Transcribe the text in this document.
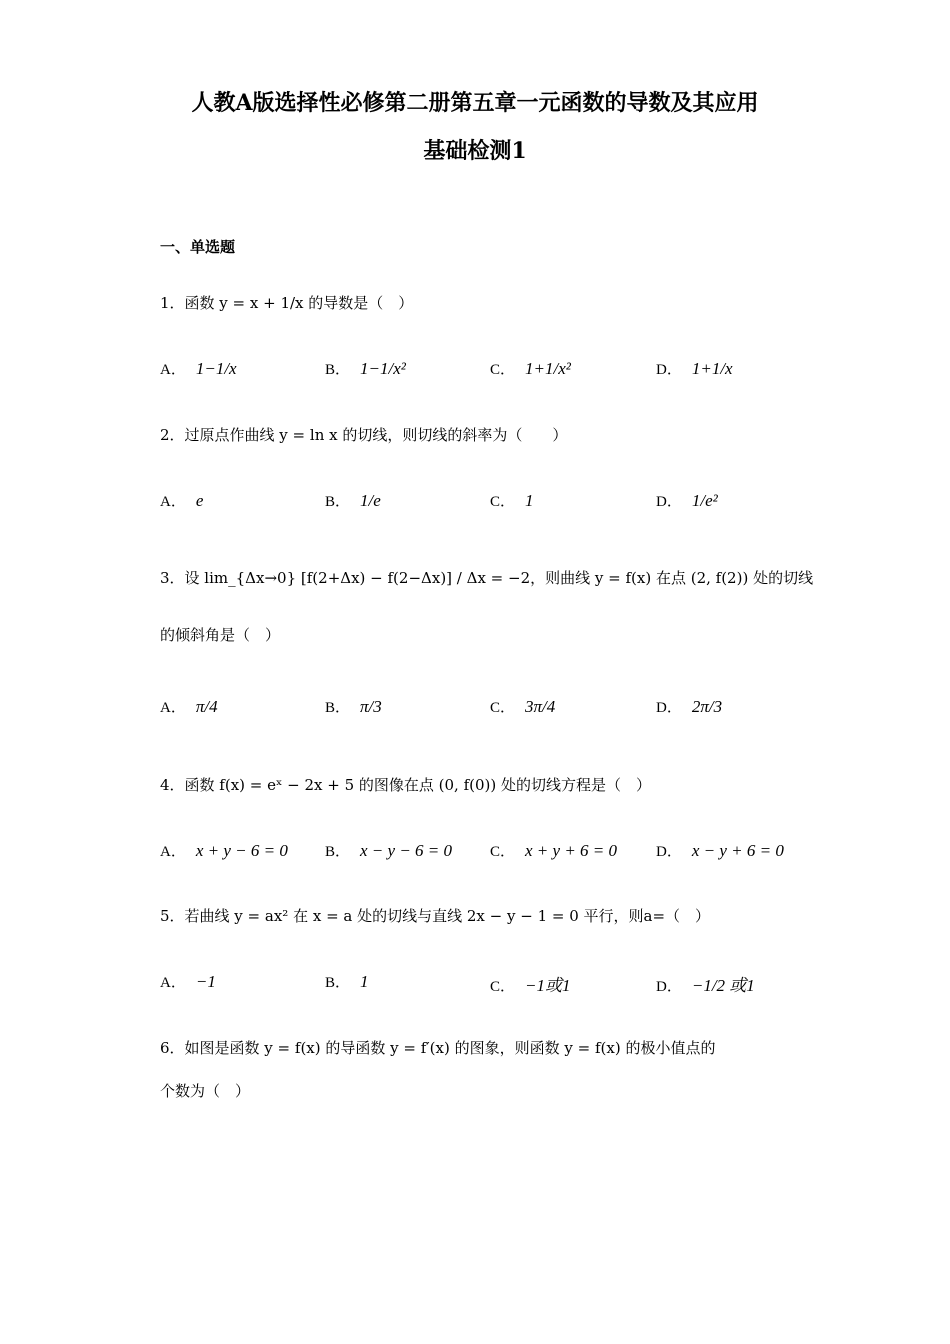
人教A版选择性必修第二册第五章一元函数的导数及其应用
基础检测1
一、单选题
1．函数 y = x + 1/x 的导数是（　）
A． 1−1/x	B． 1−1/x²	C． 1+1/x²	D． 1+1/x
2．过原点作曲线 y = ln x 的切线，则切线的斜率为（　　）
A． e	B． 1/e	C． 1	D． 1/e²
3．设 lim_{Δx→0} [f(2+Δx) − f(2−Δx)] / Δx = −2，则曲线 y = f(x) 在点 (2, f(2)) 处的切线
的倾斜角是（　）
A． π/4	B． π/3	C． 3π/4	D． 2π/3
4．函数 f(x) = eˣ − 2x + 5 的图像在点 (0, f(0)) 处的切线方程是（　）
A． x + y − 6 = 0 B． x − y − 6 = 0	C． x + y + 6 = 0	D． x − y + 6 = 0
5．若曲线 y = ax² 在 x = a 处的切线与直线 2x − y − 1 = 0 平行，则a=（　）
A． −1	B． 1	C． −1或1	D． −1/2 或1
6．如图是函数 y = f(x) 的导函数 y = f′(x) 的图象，则函数 y = f(x) 的极小值点的
个数为（　）
